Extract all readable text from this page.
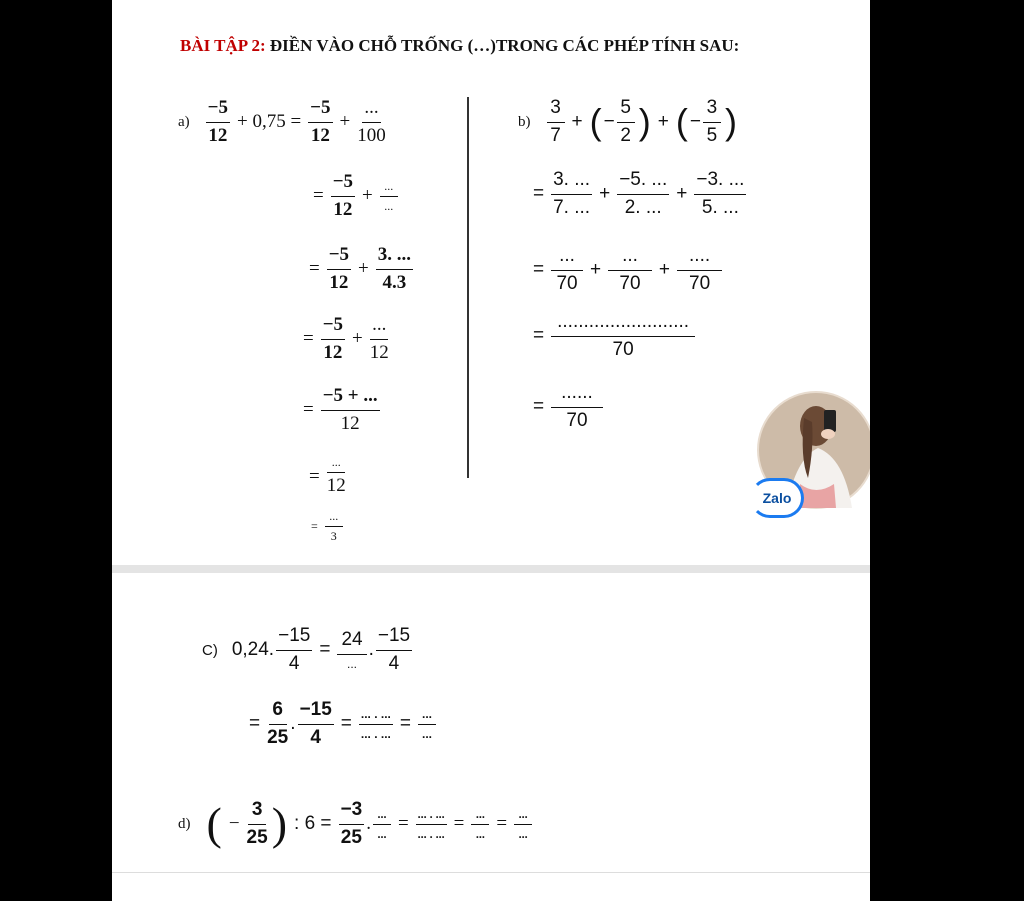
BÀI TẬP 2: ĐIỀN VÀO CHỖ TRỐNG (…)TRONG CÁC PHÉP TÍNH SAU:
$a) \frac{-5}{12} + 0,75 = \frac{-5}{12} + \frac{...}{100}$
= $\frac{-5}{12} + \frac{...}{...}$
= $\frac{-5}{12} + \frac{3. ...}{4.3}$
= $\frac{-5}{12} + \frac{...}{12}$
= $\frac{-5 + ...}{12}$
= $\frac{...}{12}$
= $\frac{...}{3}$
$b) \frac{3}{7}$ + ( − $\frac{5}{2}$ ) + ( − $\frac{3}{5}$ )
= $\frac{3. ...}{7. ...} + \frac{-5. ...}{2. ...} + \frac{-3. ...}{5. ...}$
= $\frac{...}{70} + \frac{...}{70} + \frac{....}{70}$
= $\frac{.........................}{70}$
= $\frac{......}{70}$
Zalo
C) 0,24. $\frac{-15}{4} = \frac{24}{...}$ . $\frac{-15}{4}$
= $\frac{6}{25}$ . $\frac{-15}{4} = \frac{... . ...}{... . ...} = \frac{...}{...}$
d) ( − $\frac{3}{25}$ ) : $6 = \frac{-3}{25}$ . $\frac{...}{...} = \frac{... . ...}{... . ...} = \frac{...}{...} = \frac{...}{...}$
